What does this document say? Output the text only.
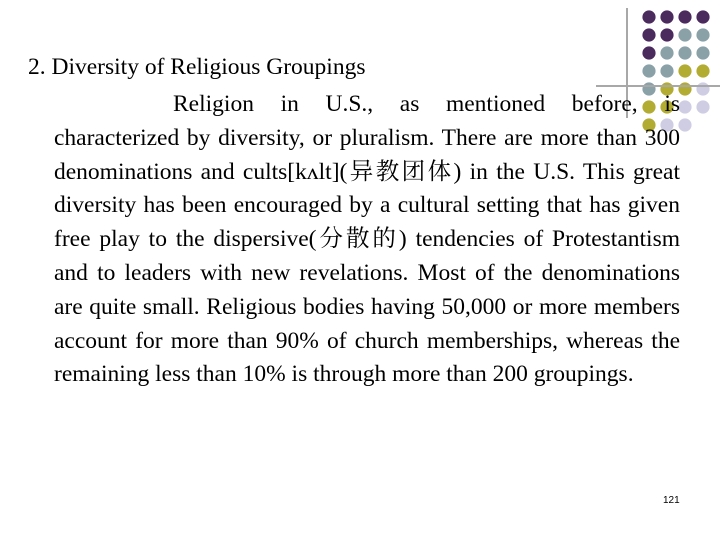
2. Diversity of Religious Groupings

Religion in U.S., as mentioned before, is characterized by diversity, or pluralism. There are more than 300 denominations and cults[kʌlt](异教团体) in the U.S. This great diversity has been encouraged by a cultural setting that has given free play to the dispersive(分散的) tendencies of Protestantism and to leaders with new revelations. Most of the denominations are quite small. Religious bodies having 50,000 or more members account for more than 90% of church memberships, whereas the remaining less than 10% is through more than 200 groupings.

121
